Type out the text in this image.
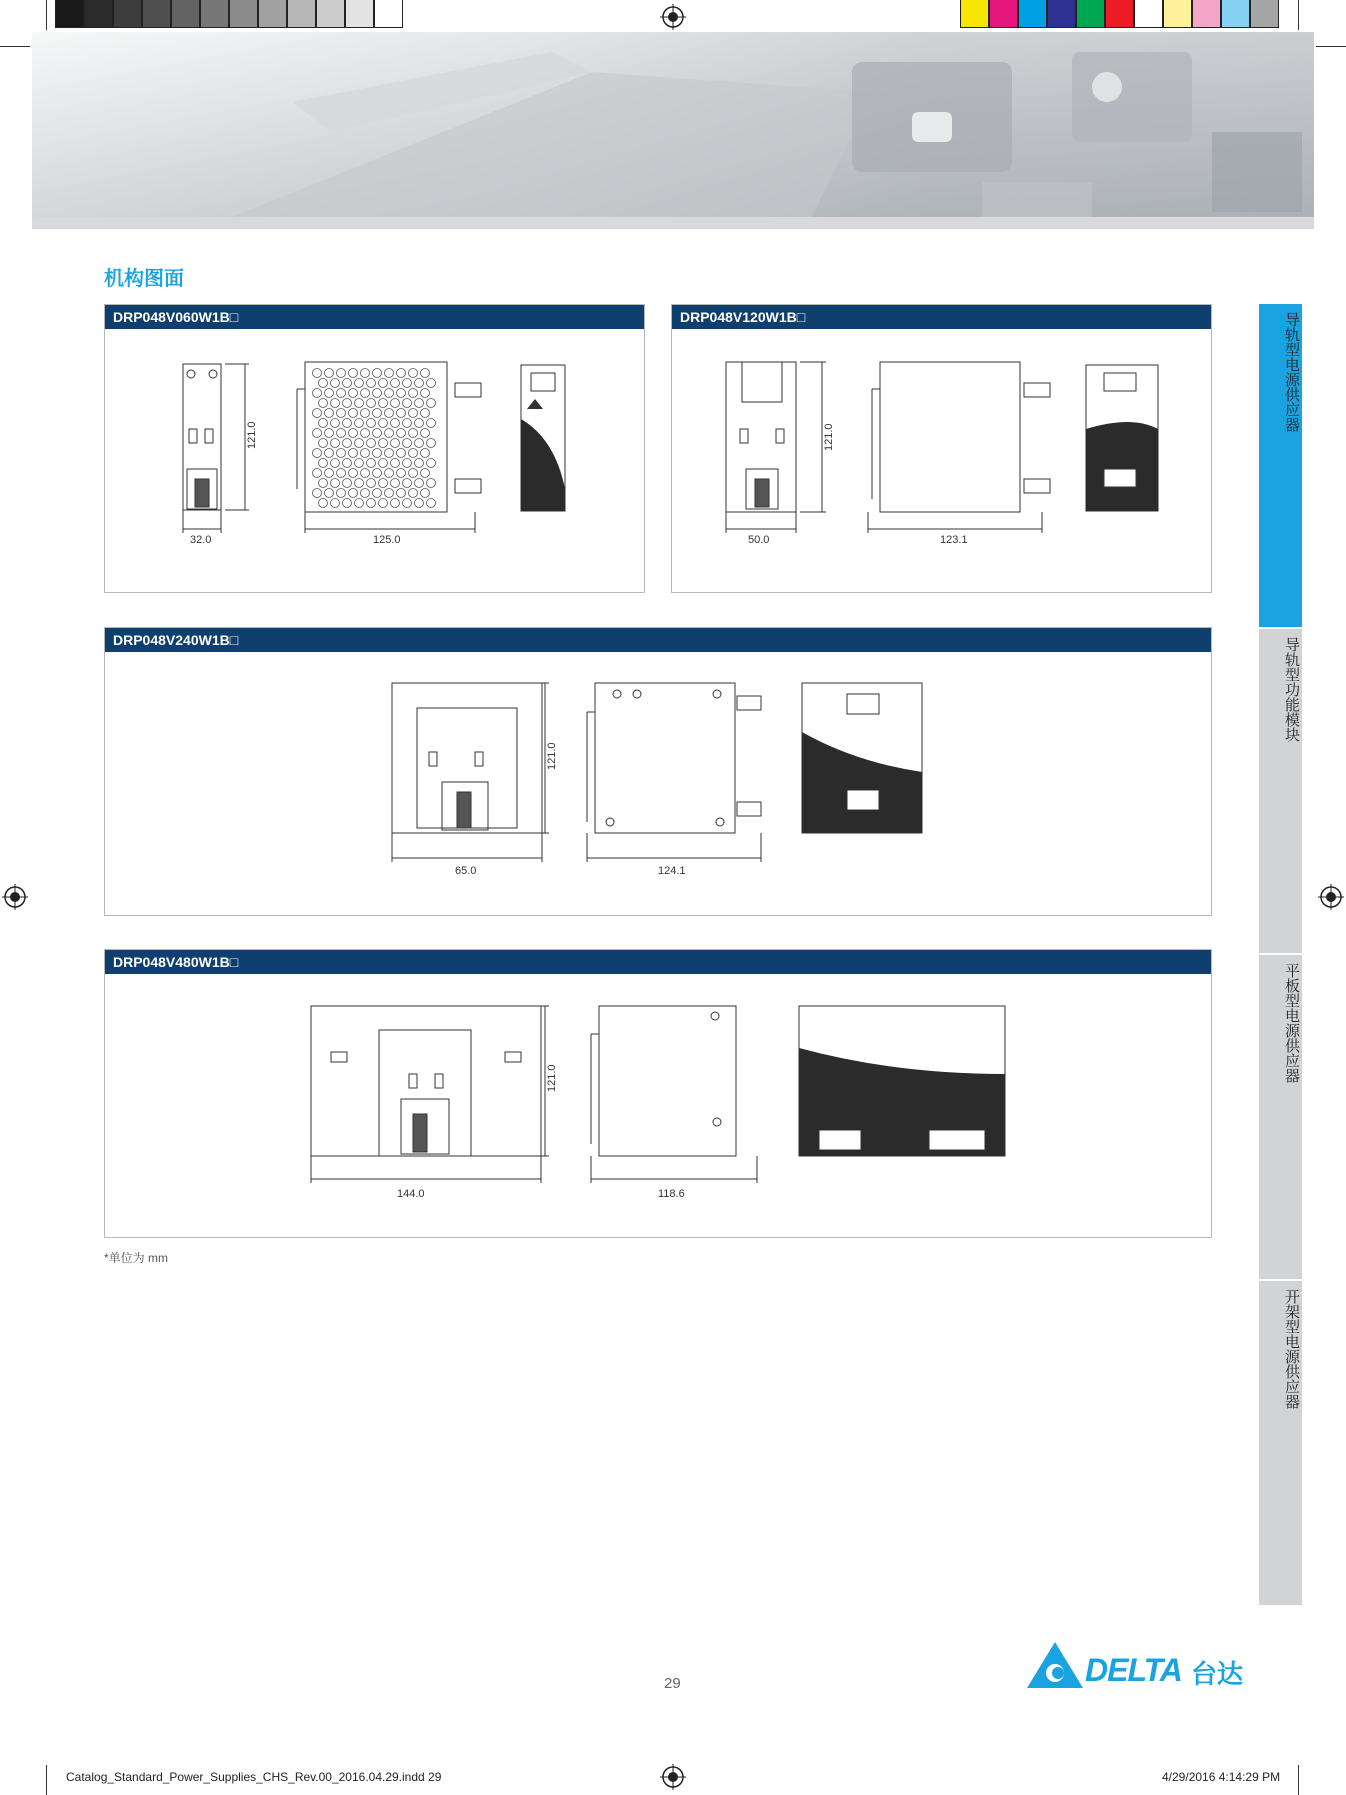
机构图面
DRP048V060W1B□
121.0
32.0	125.0
DRP048V120W1B□
121.0
50.0	123.1
DRP048V240W1B□
121.0
65.0	124.1
DRP048V480W1B□
121.0
144.0	118.6
*单位为 mm
导轨型电源供应器
导轨型功能模块
平板型电源供应器
开架型电源供应器
29	DELTA 台达
Catalog_Standard_Power_Supplies_CHS_Rev.00_2016.04.29.indd 29	4/29/2016 4:14:29 PM
